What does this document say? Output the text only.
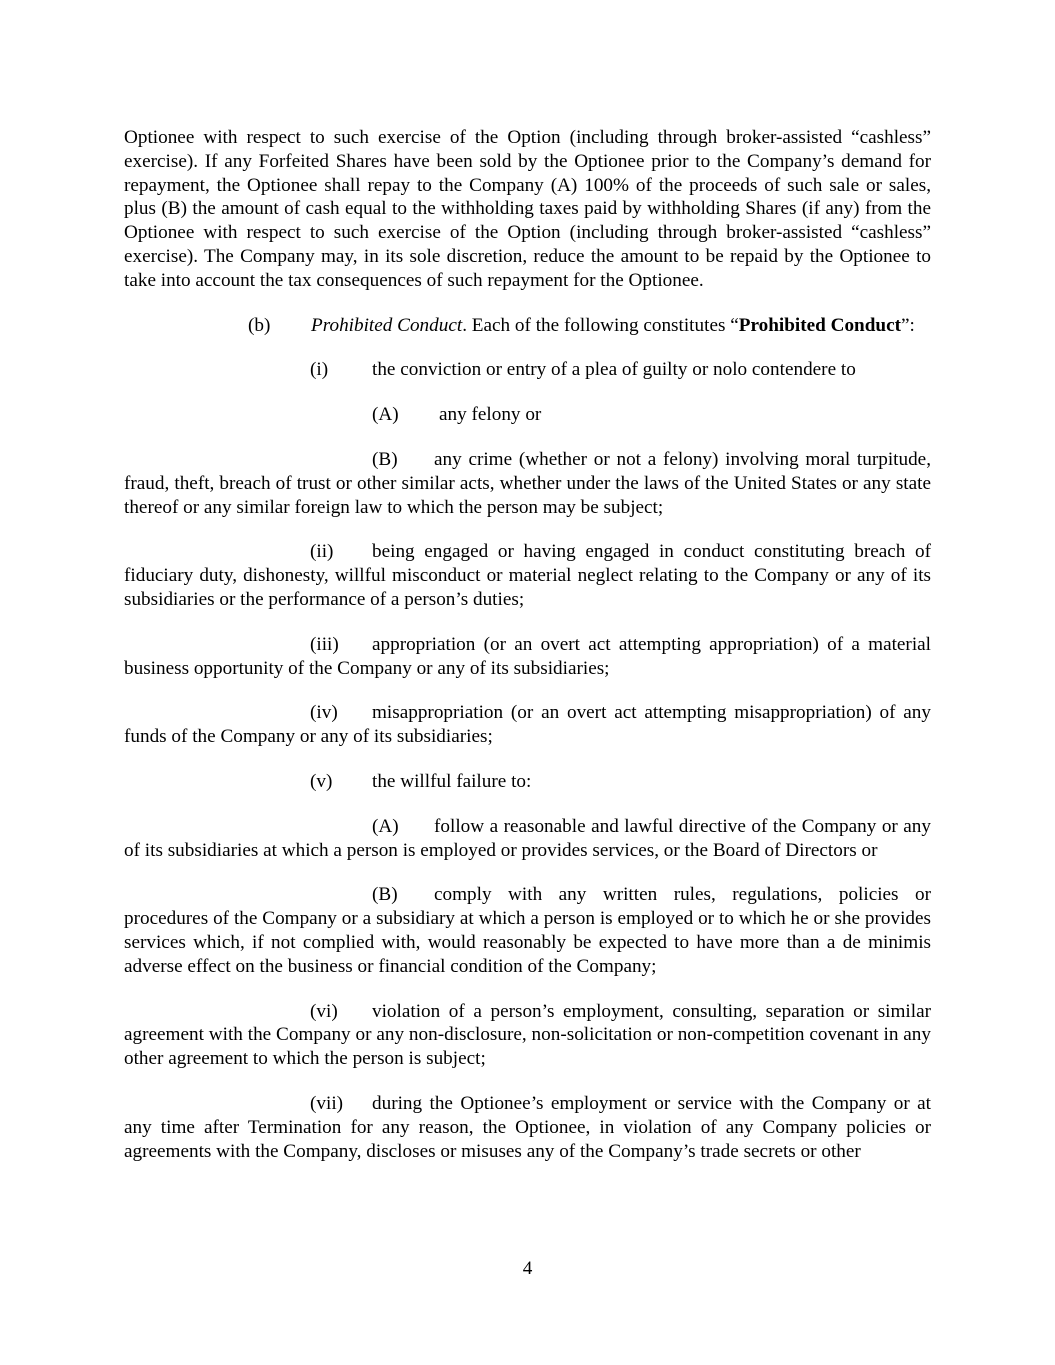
Optionee with respect to such exercise of the Option (including through broker-assisted “cashless” exercise). If any Forfeited Shares have been sold by the Optionee prior to the Company’s demand for repayment, the Optionee shall repay to the Company (A) 100% of the proceeds of such sale or sales, plus (B) the amount of cash equal to the withholding taxes paid by withholding Shares (if any) from the Optionee with respect to such exercise of the Option (including through broker-assisted “cashless” exercise). The Company may, in its sole discretion, reduce the amount to be repaid by the Optionee to take into account the tax consequences of such repayment for the Optionee.

(b) Prohibited Conduct. Each of the following constitutes “Prohibited Conduct”:

(i) the conviction or entry of a plea of guilty or nolo contendere to

(A) any felony or

(B) any crime (whether or not a felony) involving moral turpitude, fraud, theft, breach of trust or other similar acts, whether under the laws of the United States or any state thereof or any similar foreign law to which the person may be subject;

(ii) being engaged or having engaged in conduct constituting breach of fiduciary duty, dishonesty, willful misconduct or material neglect relating to the Company or any of its subsidiaries or the performance of a person’s duties;

(iii) appropriation (or an overt act attempting appropriation) of a material business opportunity of the Company or any of its subsidiaries;

(iv) misappropriation (or an overt act attempting misappropriation) of any funds of the Company or any of its subsidiaries;

(v) the willful failure to:

(A) follow a reasonable and lawful directive of the Company or any of its subsidiaries at which a person is employed or provides services, or the Board of Directors or

(B) comply with any written rules, regulations, policies or procedures of the Company or a subsidiary at which a person is employed or to which he or she provides services which, if not complied with, would reasonably be expected to have more than a de minimis adverse effect on the business or financial condition of the Company;

(vi) violation of a person’s employment, consulting, separation or similar agreement with the Company or any non-disclosure, non-solicitation or non-competition covenant in any other agreement to which the person is subject;

(vii) during the Optionee’s employment or service with the Company or at any time after Termination for any reason, the Optionee, in violation of any Company policies or agreements with the Company, discloses or misuses any of the Company’s trade secrets or other

4
